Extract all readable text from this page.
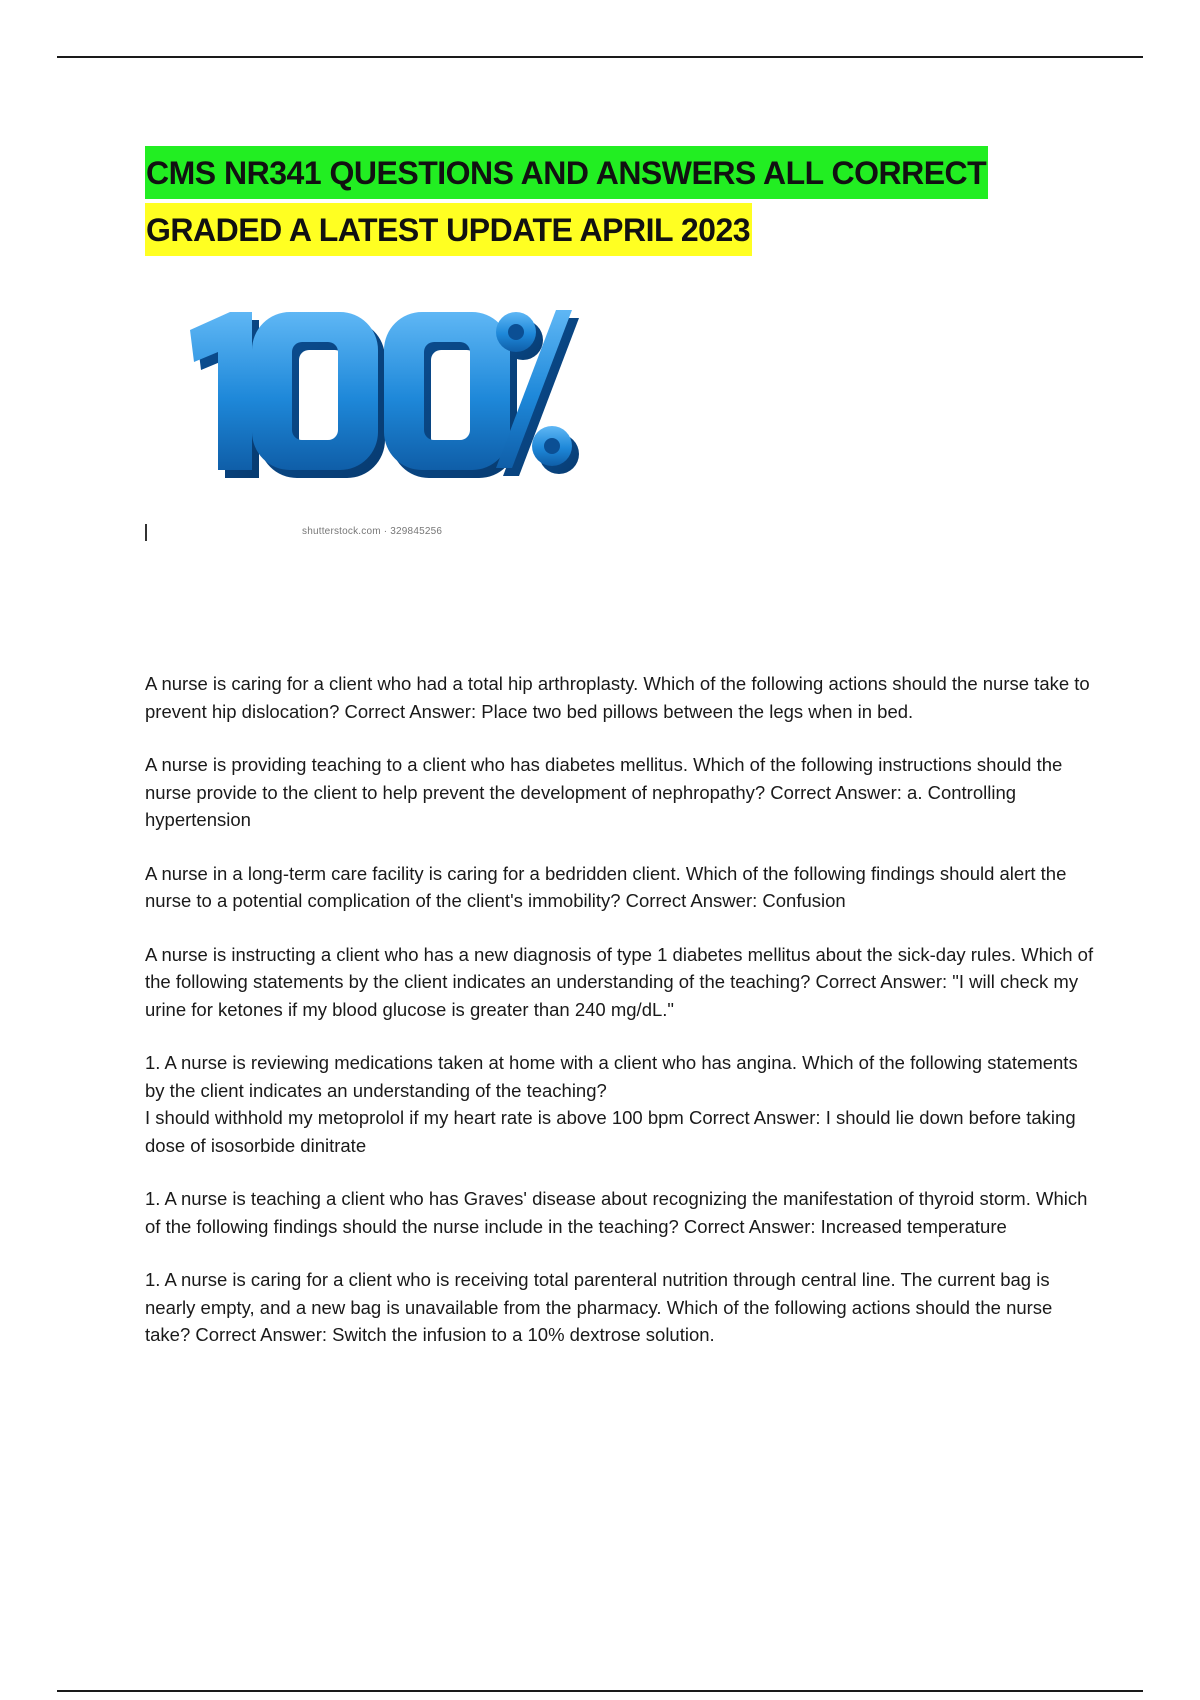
CMS NR341 QUESTIONS AND ANSWERS ALL CORRECT
GRADED A LATEST UPDATE APRIL 2023
shutterstock.com · 329845256

A nurse is caring for a client who had a total hip arthroplasty. Which of the following actions should the nurse take to prevent hip dislocation? Correct Answer: Place two bed pillows between the legs when in bed.

A nurse is providing teaching to a client who has diabetes mellitus. Which of the following instructions should the nurse provide to the client to help prevent the development of nephropathy? Correct Answer: a. Controlling hypertension

A nurse in a long-term care facility is caring for a bedridden client. Which of the following findings should alert the nurse to a potential complication of the client's immobility? Correct Answer: Confusion

A nurse is instructing a client who has a new diagnosis of type 1 diabetes mellitus about the sick-day rules. Which of the following statements by the client indicates an understanding of the teaching? Correct Answer: "I will check my urine for ketones if my blood glucose is greater than 240 mg/dL."

1. A nurse is reviewing medications taken at home with a client who has angina. Which of the following statements by the client indicates an understanding of the teaching?

I should withhold my metoprolol if my heart rate is above 100 bpm Correct Answer: I should lie down before taking dose of isosorbide dinitrate

1. A nurse is teaching a client who has Graves' disease about recognizing the manifestation of thyroid storm. Which of the following findings should the nurse include in the teaching? Correct Answer: Increased temperature

1. A nurse is caring for a client who is receiving total parenteral nutrition through central line. The current bag is nearly empty, and a new bag is unavailable from the pharmacy. Which of the following actions should the nurse take? Correct Answer: Switch the infusion to a 10% dextrose solution.
